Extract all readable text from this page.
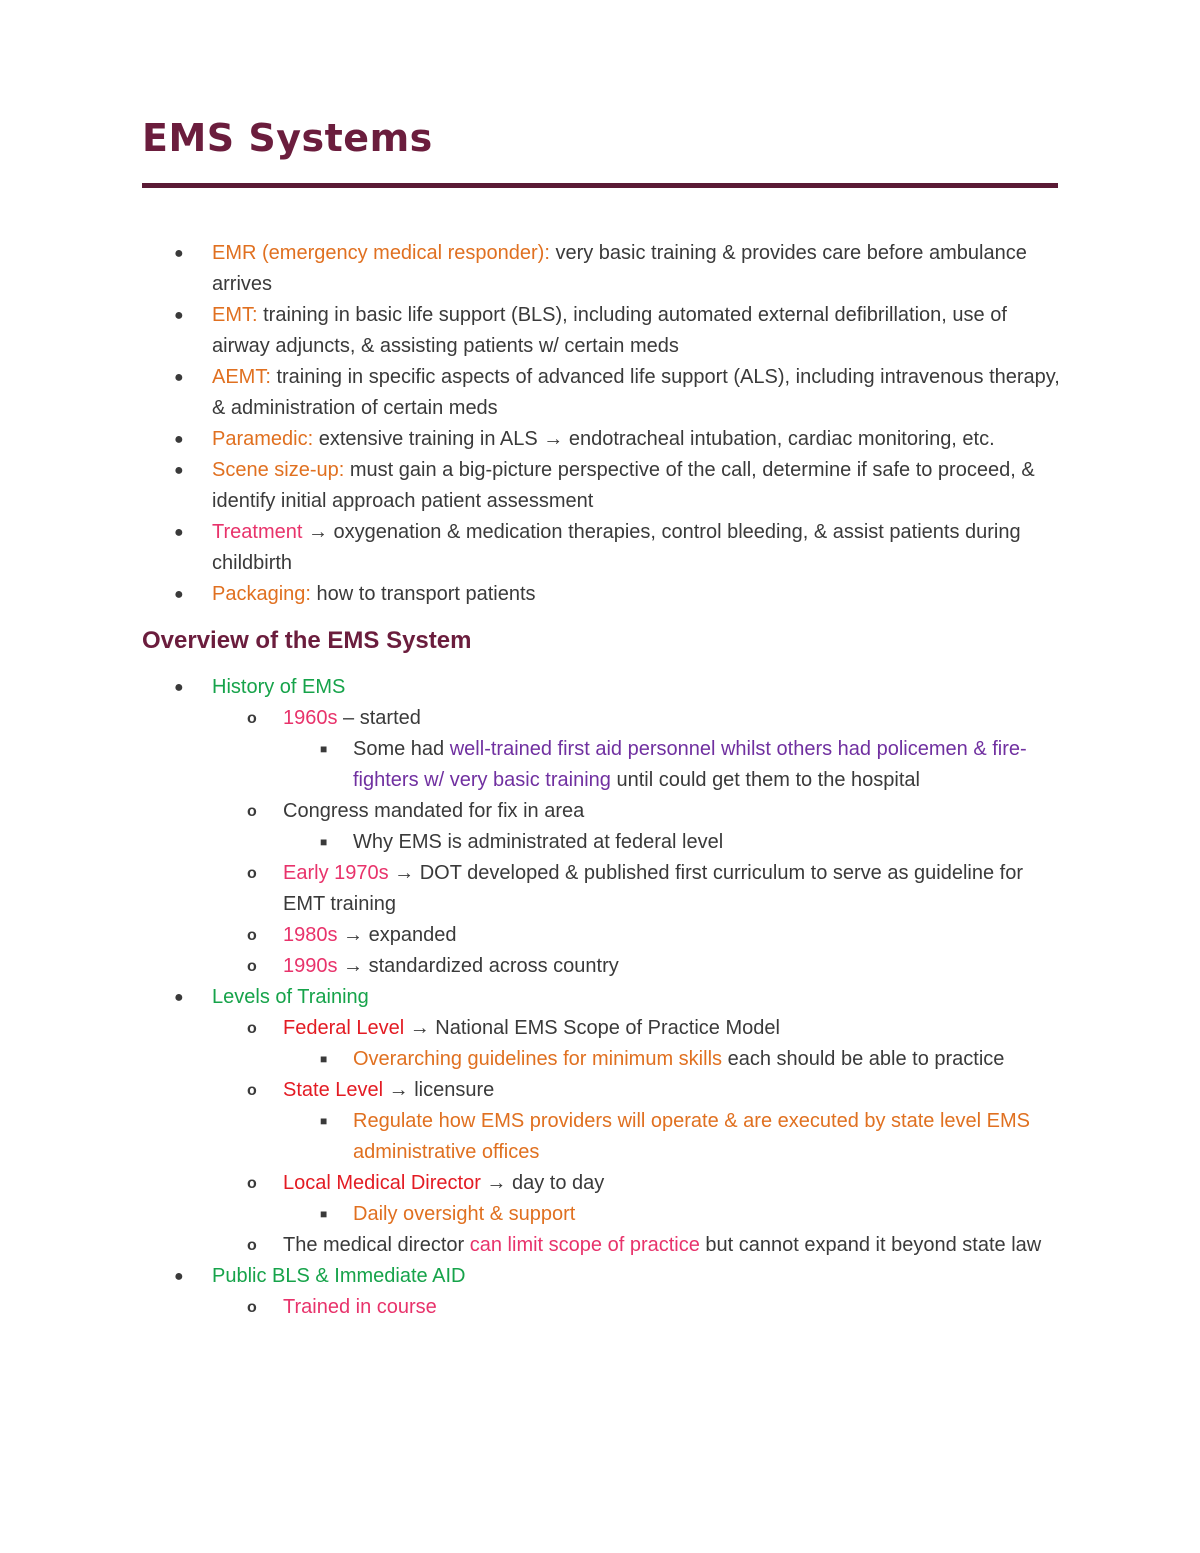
EMS Systems
● EMR (emergency medical responder): very basic training & provides care before ambulance arrives
● EMT: training in basic life support (BLS), including automated external defibrillation, use of airway adjuncts, & assisting patients w/ certain meds
● AEMT: training in specific aspects of advanced life support (ALS), including intravenous therapy, & administration of certain meds
● Paramedic: extensive training in ALS → endotracheal intubation, cardiac monitoring, etc.
● Scene size-up: must gain a big-picture perspective of the call, determine if safe to proceed, & identify initial approach patient assessment
● Treatment → oxygenation & medication therapies, control bleeding, & assist patients during childbirth
● Packaging: how to transport patients
Overview of the EMS System
● History of EMS
o 1960s – started
■ Some had well-trained first aid personnel whilst others had policemen & fire-fighters w/ very basic training until could get them to the hospital
o Congress mandated for fix in area
■ Why EMS is administrated at federal level
o Early 1970s → DOT developed & published first curriculum to serve as guideline for EMT training
o 1980s → expanded
o 1990s → standardized across country
● Levels of Training
o Federal Level → National EMS Scope of Practice Model
■ Overarching guidelines for minimum skills each should be able to practice
o State Level → licensure
■ Regulate how EMS providers will operate & are executed by state level EMS administrative offices
o Local Medical Director → day to day
■ Daily oversight & support
o The medical director can limit scope of practice but cannot expand it beyond state law
● Public BLS & Immediate AID
o Trained in course
